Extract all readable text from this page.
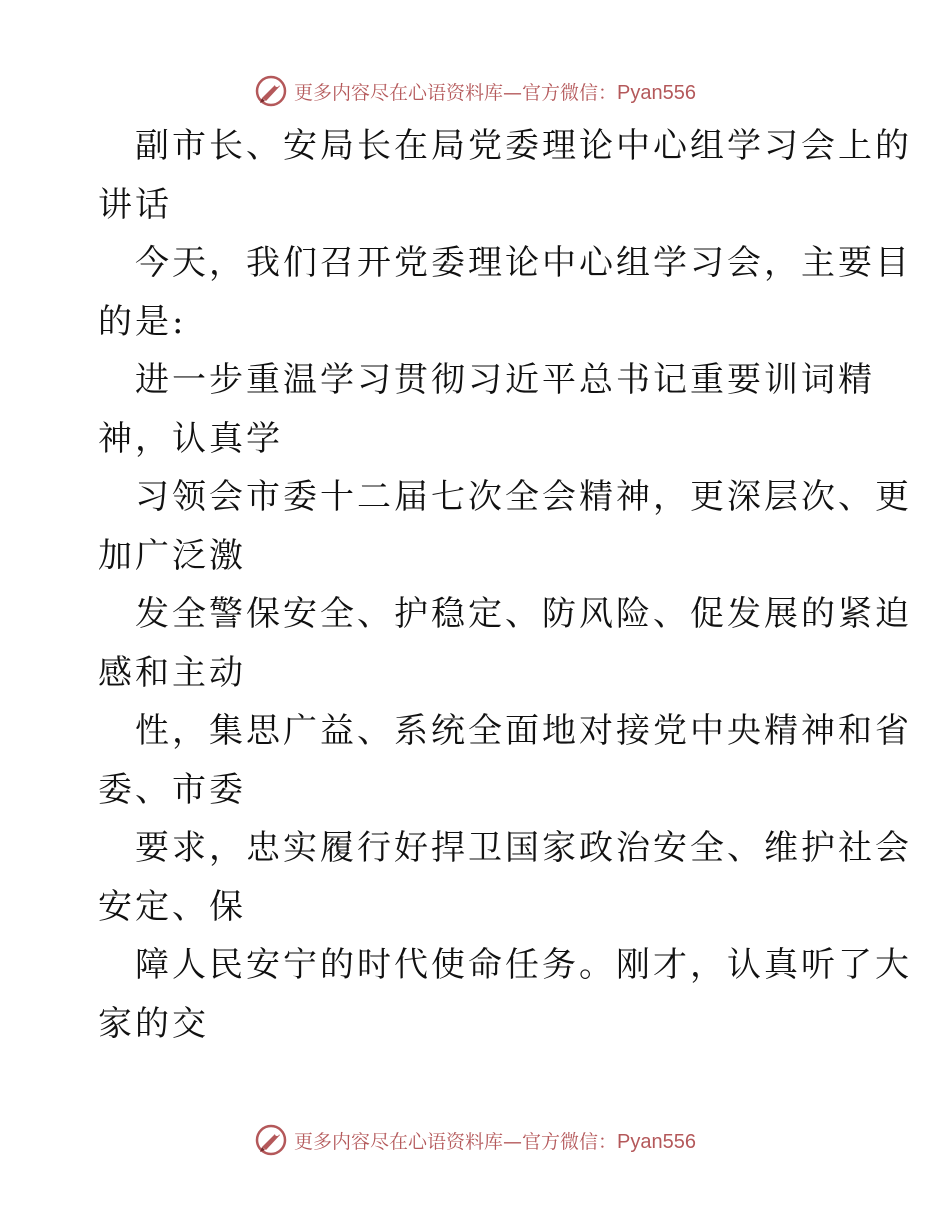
更多内容尽在心语资料库—官方微信：Pyan556
副市长、安局长在局党委理论中心组学习会上的
讲话
今天，我们召开党委理论中心组学习会，主要目
的是:
进一步重温学习贯彻习近平总书记重要训词精
神，认真学
习领会市委十二届七次全会精神，更深层次、更
加广泛激
发全警保安全、护稳定、防风险、促发展的紧迫
感和主动
性，集思广益、系统全面地对接党中央精神和省
委、市委
要求，忠实履行好捍卫国家政治安全、维护社会
安定、保
障人民安宁的时代使命任务。刚才，认真听了大
家的交
更多内容尽在心语资料库—官方微信：Pyan556
